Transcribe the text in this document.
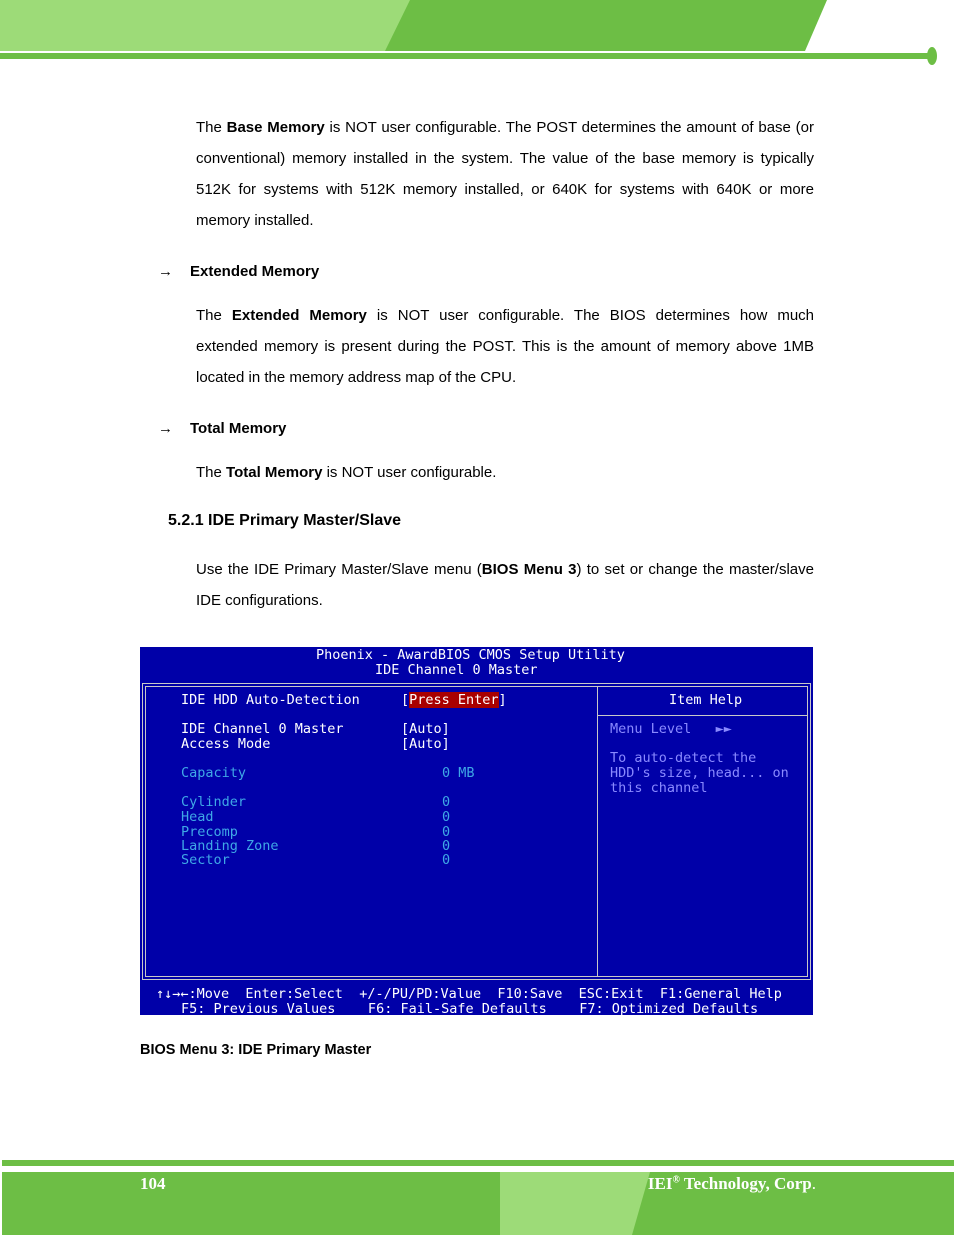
The Base Memory is NOT user configurable. The POST determines the amount of base (or conventional) memory installed in the system. The value of the base memory is typically 512K for systems with 512K memory installed, or 640K for systems with 640K or more memory installed.

→	Extended Memory

The Extended Memory is NOT user configurable. The BIOS determines how much extended memory is present during the POST. This is the amount of memory above 1MB located in the memory address map of the CPU.

→	Total Memory

The Total Memory is NOT user configurable.

5.2.1 IDE Primary Master/Slave

Use the IDE Primary Master/Slave menu (BIOS Menu 3) to set or change the master/slave IDE configurations.

Phoenix - AwardBIOS CMOS Setup Utility
IDE Channel 0 Master
IDE HDD Auto-Detection	[Press Enter]
IDE Channel 0 Master	[Auto]
Access Mode	[Auto]
Capacity	0 MB
Cylinder	0
Head	0
Precomp	0
Landing Zone	0
Sector	0
Item Help
Menu Level   ►►
To auto-detect the
HDD's size, head... on
this channel
↑↓→←:Move  Enter:Select  +/-/PU/PD:Value  F10:Save  ESC:Exit  F1:General Help
F5: Previous Values    F6: Fail-Safe Defaults    F7: Optimized Defaults
BIOS Menu 3: IDE Primary Master
104	IEI® Technology, Corp.
